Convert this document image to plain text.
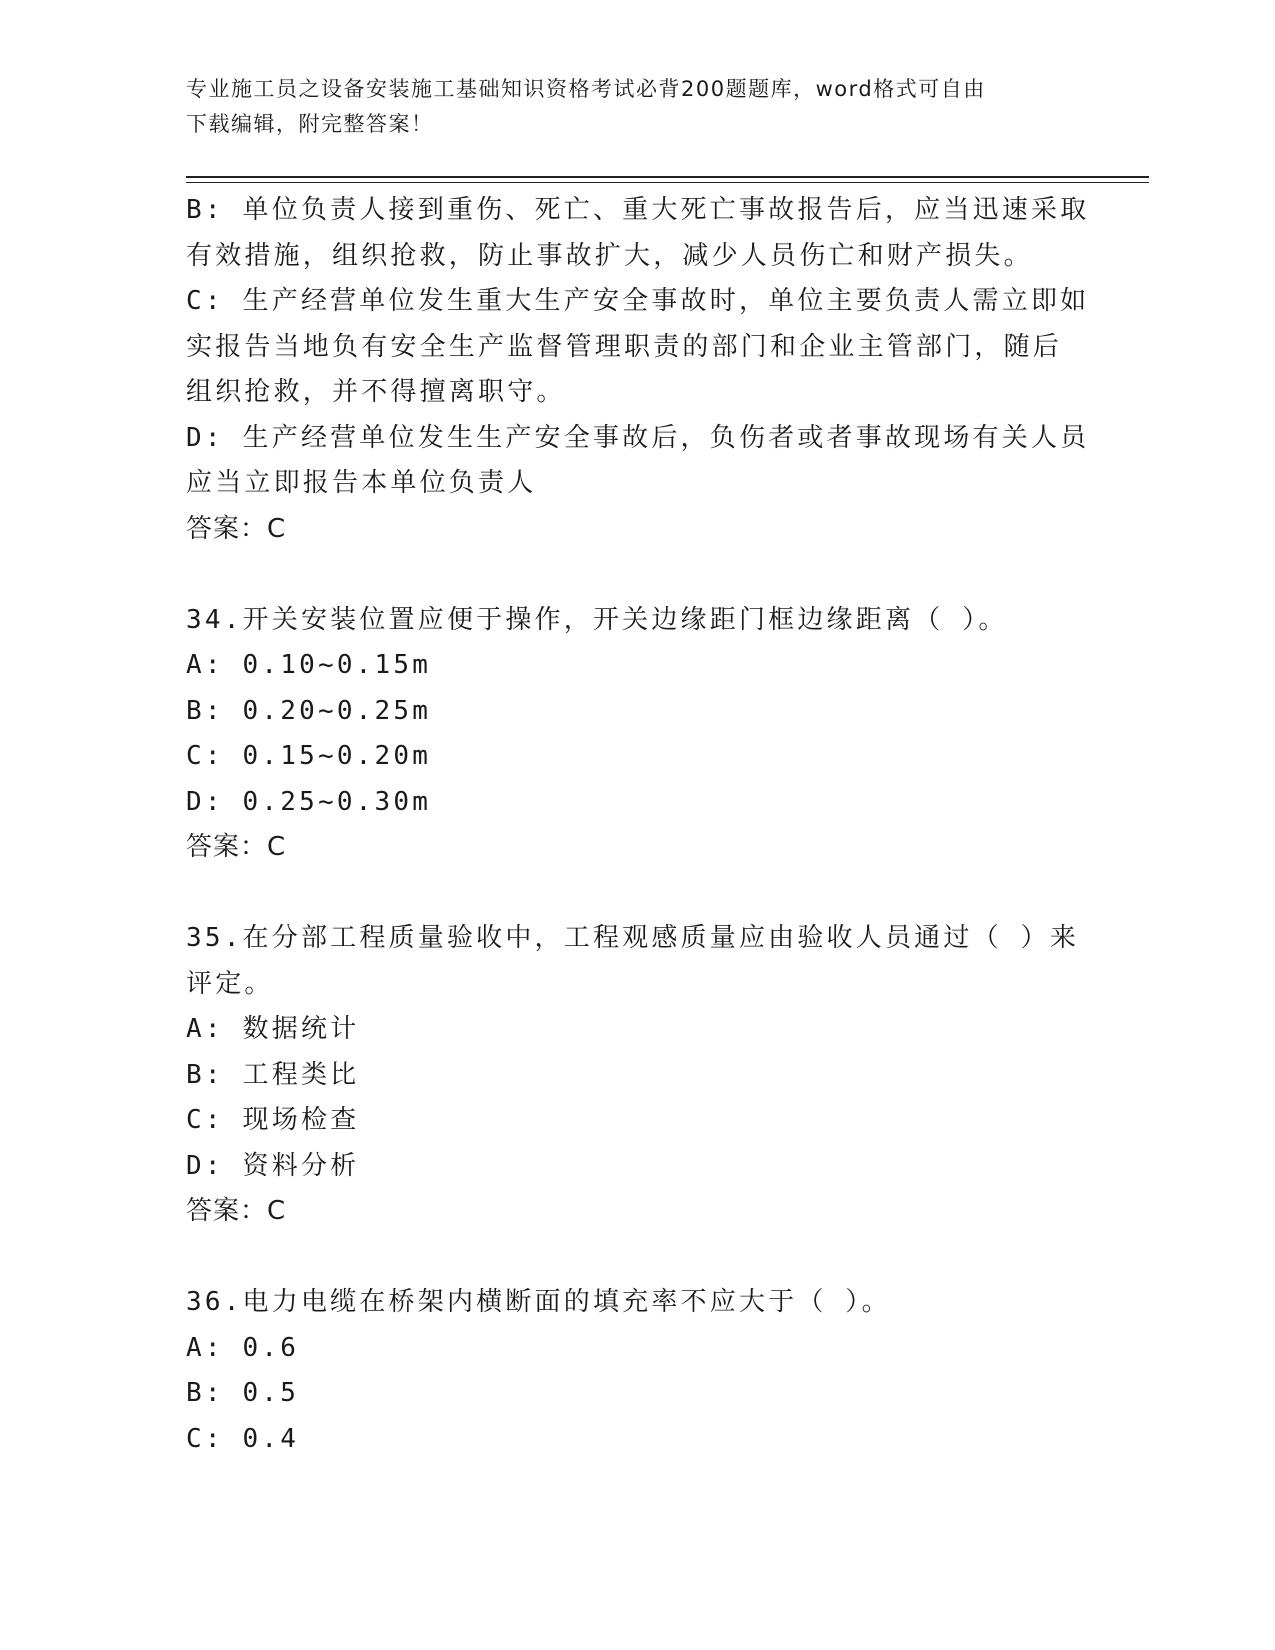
专业施工员之设备安装施工基础知识资格考试必背200题题库，word格式可自由
下载编辑，附完整答案！
B: 单位负责人接到重伤、死亡、重大死亡事故报告后，应当迅速采取
有效措施，组织抢救，防止事故扩大，减少人员伤亡和财产损失。
C: 生产经营单位发生重大生产安全事故时，单位主要负责人需立即如
实报告当地负有安全生产监督管理职责的部门和企业主管部门，随后
组织抢救，并不得擅离职守。
D: 生产经营单位发生生产安全事故后，负伤者或者事故现场有关人员
应当立即报告本单位负责人
答案：C
34.开关安装位置应便于操作，开关边缘距门框边缘距离（ ）。
A: 0.10~0.15m
B: 0.20~0.25m
C: 0.15~0.20m
D: 0.25~0.30m
答案：C
35.在分部工程质量验收中，工程观感质量应由验收人员通过（ ）来
评定。
A: 数据统计
B: 工程类比
C: 现场检查
D: 资料分析
答案：C
36.电力电缆在桥架内横断面的填充率不应大于（ ）。
A: 0.6
B: 0.5
C: 0.4
